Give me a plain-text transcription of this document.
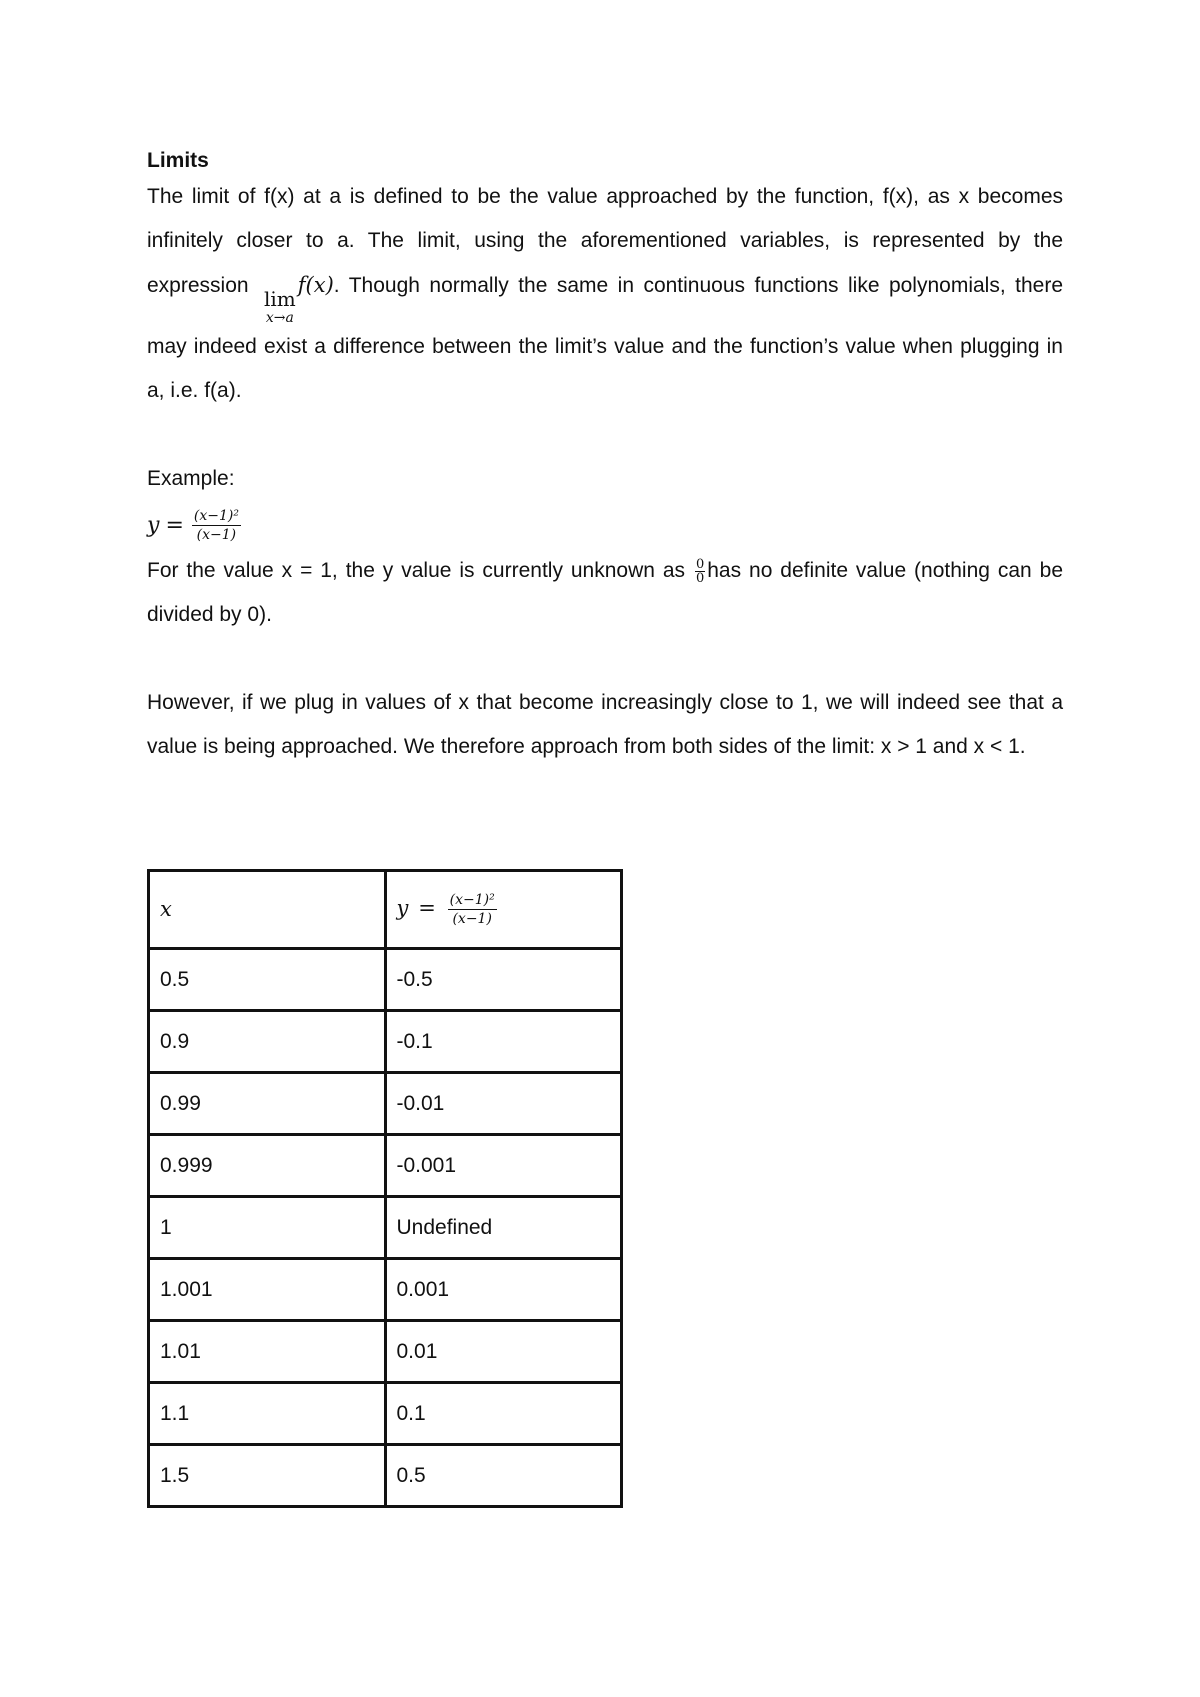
Limits

The limit of f(x) at a is defined to be the value approached by the function, f(x), as x becomes infinitely closer to a. The limit, using the aforementioned variables, is represented by the expression
lim
x→a
f(x). Though normally the same in continuous functions like polynomials, there may indeed exist a difference between the limit’s value and the function’s value when plugging in a, i.e. f(a).

Example:

$y = \frac{\text{(x−1)²}}{(x-1)}$

For the value x = 1, the y value is currently unknown as $\frac{0}{0}$ has no definite value (nothing can be divided by 0).

However, if we plug in values of x that become increasingly close to 1, we will indeed see that a value is being approached. We therefore approach from both sides of the limit: x > 1 and x < 1.

x	$y = \frac{\text{(x−1)²}}{(x-1)}$

0.5	-0.5
0.9	-0.1
0.99	-0.01
0.999	-0.001
1	Undefined
1.001	0.001
1.01	0.01
1.1	0.1
1.5	0.5
